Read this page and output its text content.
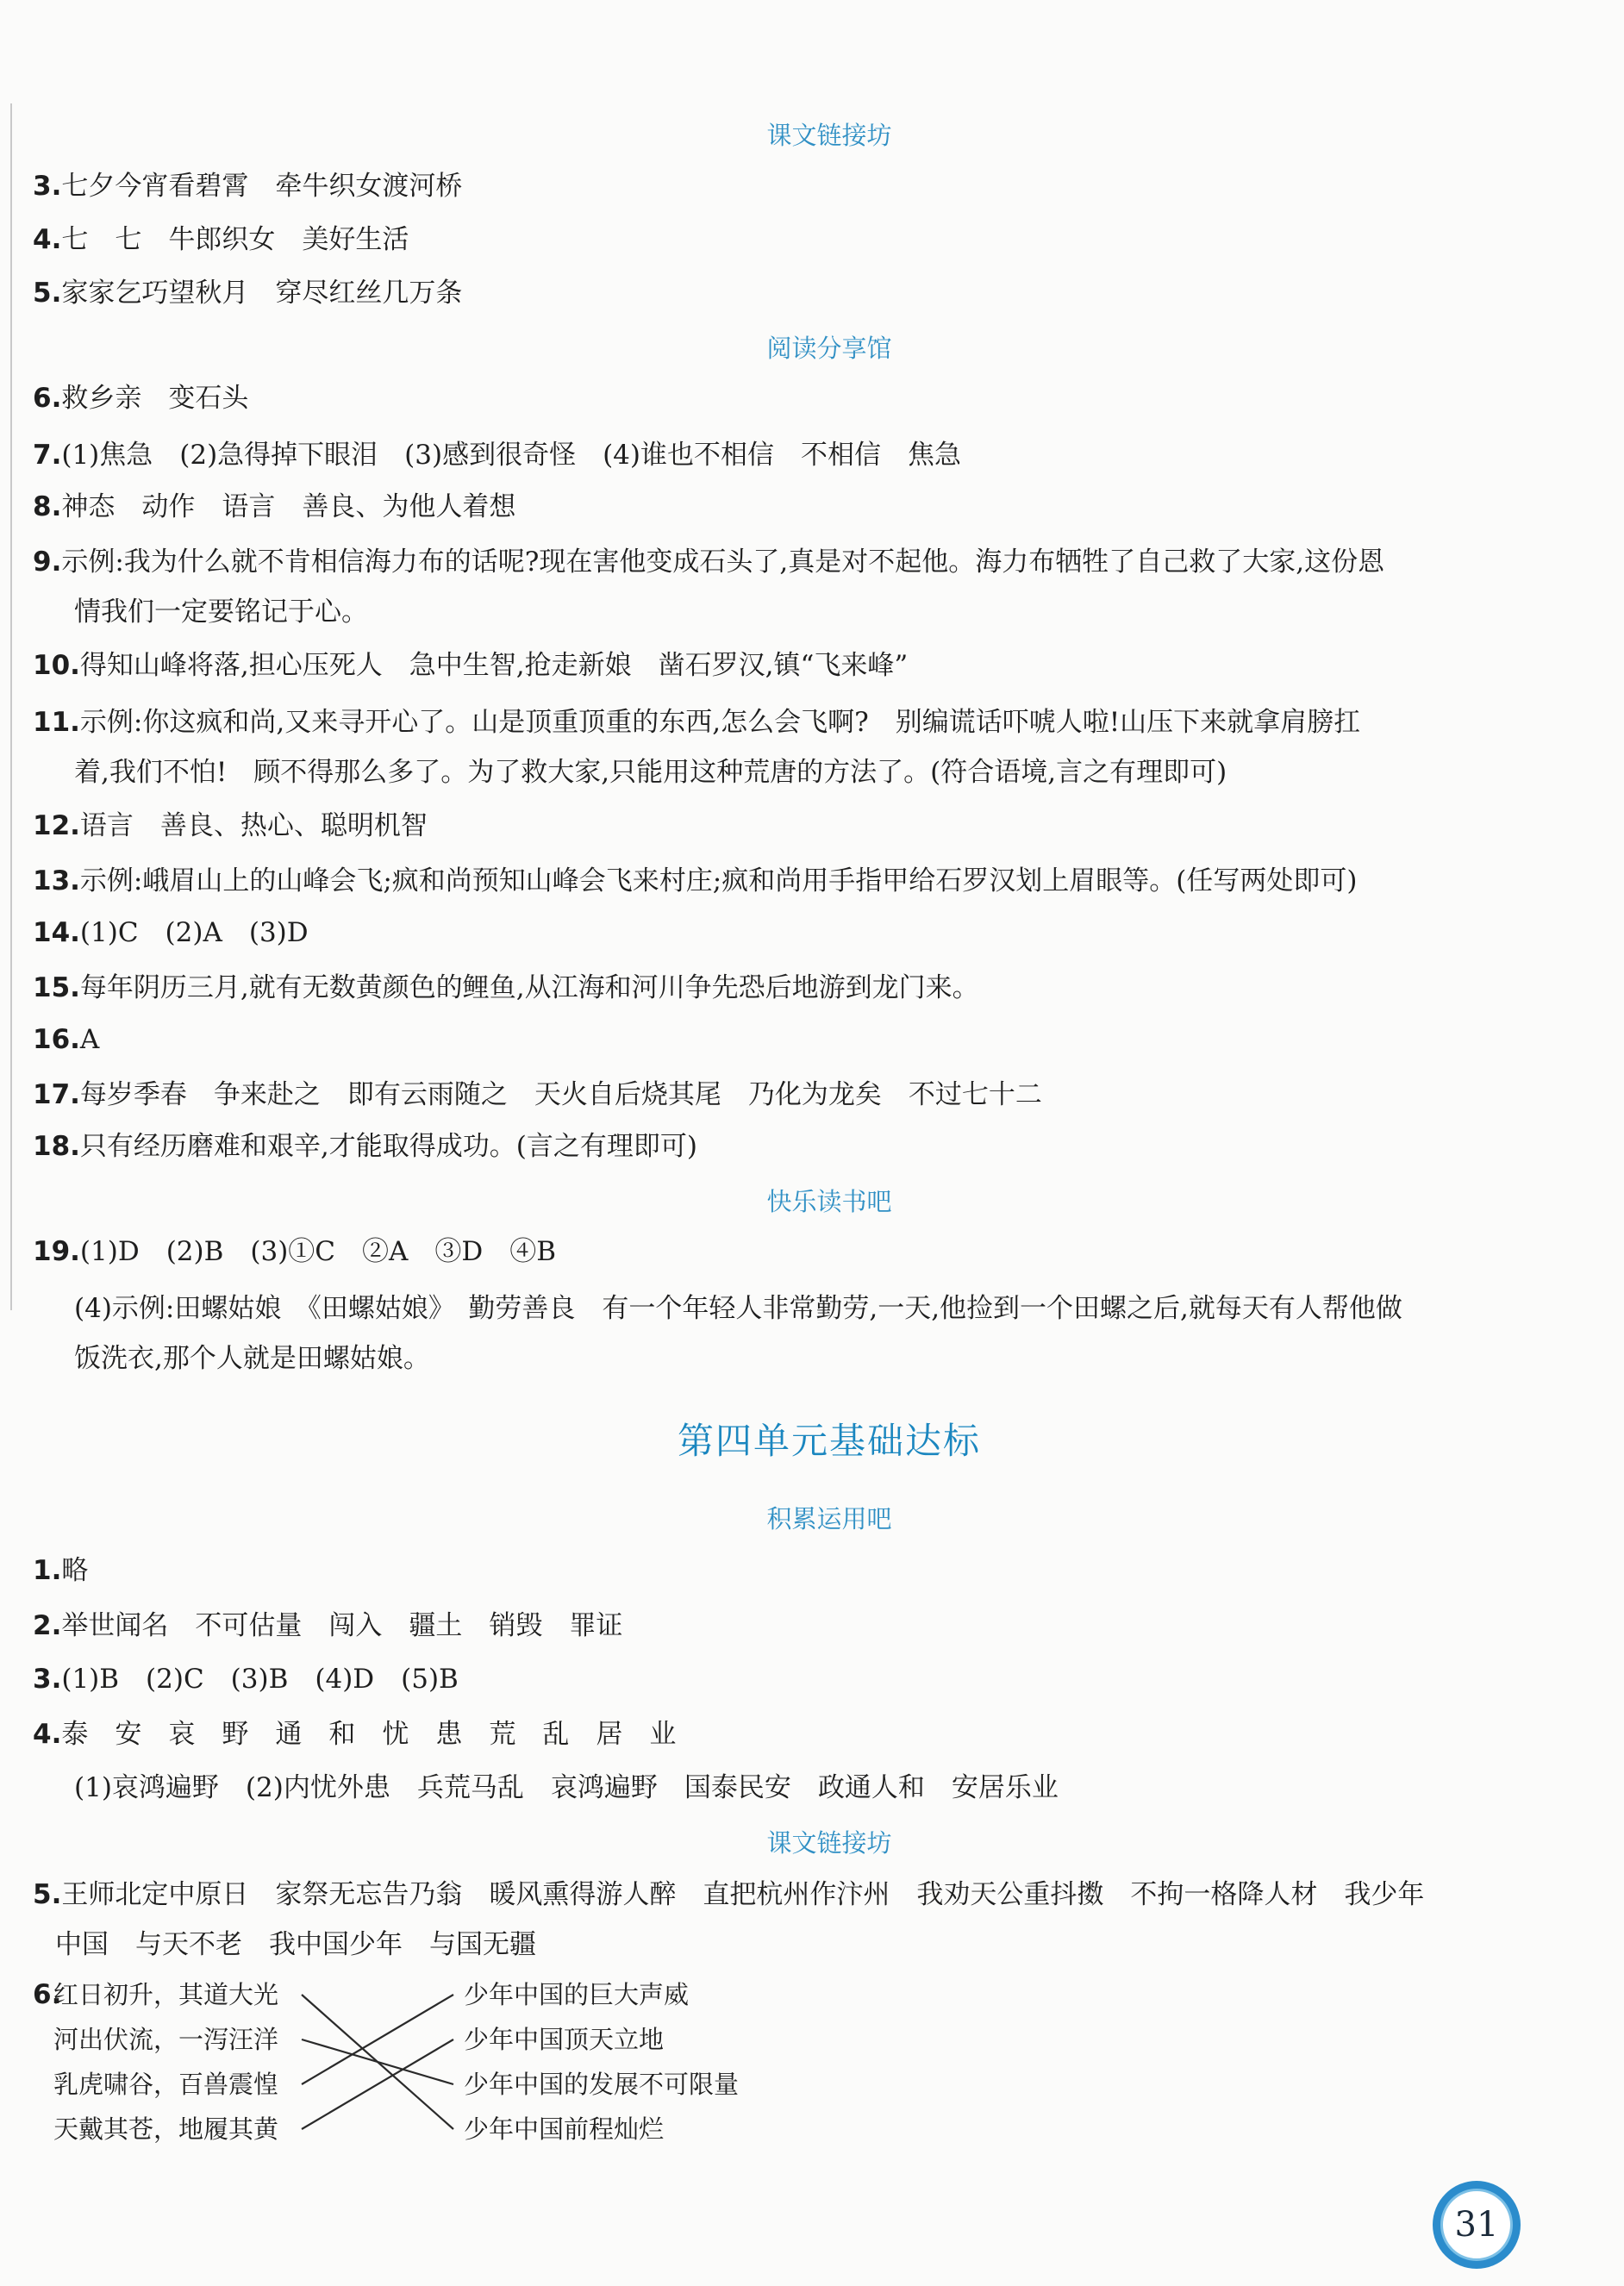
课文链接坊
3.七夕今宵看碧霄　牵牛织女渡河桥
4.七　七　牛郎织女　美好生活
5.家家乞巧望秋月　穿尽红丝几万条
阅读分享馆
6.救乡亲　变石头
7.(1)焦急　(2)急得掉下眼泪　(3)感到很奇怪　(4)谁也不相信　不相信　焦急
8.神态　动作　语言　善良、为他人着想
9.示例:我为什么就不肯相信海力布的话呢?现在害他变成石头了,真是对不起他。海力布牺牲了自己救了大家,这份恩
情我们一定要铭记于心。
10.得知山峰将落,担心压死人　急中生智,抢走新娘　凿石罗汉,镇“飞来峰”
11.示例:你这疯和尚,又来寻开心了。山是顶重顶重的东西,怎么会飞啊?　别编谎话吓唬人啦!山压下来就拿肩膀扛
着,我们不怕!　顾不得那么多了。为了救大家,只能用这种荒唐的方法了。(符合语境,言之有理即可)
12.语言　善良、热心、聪明机智
13.示例:峨眉山上的山峰会飞;疯和尚预知山峰会飞来村庄;疯和尚用手指甲给石罗汉划上眉眼等。(任写两处即可)
14.(1)C　(2)A　(3)D
15.每年阴历三月,就有无数黄颜色的鲤鱼,从江海和河川争先恐后地游到龙门来。
16.A
17.每岁季春　争来赴之　即有云雨随之　天火自后烧其尾　乃化为龙矣　不过七十二
18.只有经历磨难和艰辛,才能取得成功。(言之有理即可)
快乐读书吧
19.(1)D　(2)B　(3)①C　②A　③D　④B
(4)示例:田螺姑娘　《田螺姑娘》　勤劳善良　有一个年轻人非常勤劳,一天,他捡到一个田螺之后,就每天有人帮他做
饭洗衣,那个人就是田螺姑娘。
第四单元基础达标
积累运用吧
1.略
2.举世闻名　不可估量　闯入　疆土　销毁　罪证
3.(1)B　(2)C　(3)B　(4)D　(5)B
4.泰　安　哀　野　通　和　忧　患　荒　乱　居　业
(1)哀鸿遍野　(2)内忧外患　兵荒马乱　哀鸿遍野　国泰民安　政通人和　安居乐业
课文链接坊
5.王师北定中原日　家祭无忘告乃翁　暖风熏得游人醉　直把杭州作汴州　我劝天公重抖擞　不拘一格降人材　我少年
中国　与天不老　我中国少年　与国无疆
6.
红日初升，其道大光
河出伏流，一泻汪洋
乳虎啸谷，百兽震惶
天戴其苍，地履其黄
少年中国的巨大声威
少年中国顶天立地
少年中国的发展不可限量
少年中国前程灿烂
31
